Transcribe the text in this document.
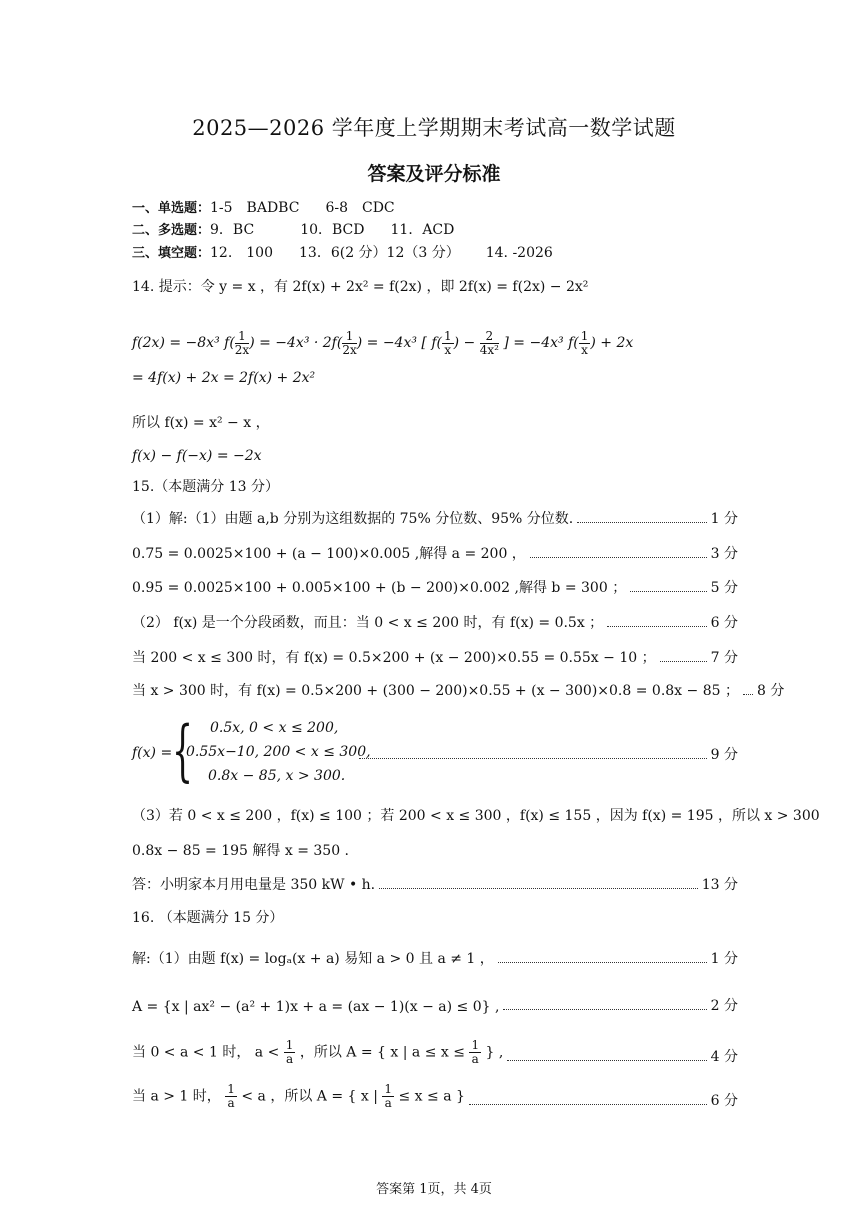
2025—2026 学年度上学期期末考试高一数学试题
答案及评分标准
一、单选题：1-5　BADBC 6-8　CDC
二、多选题：9．BC	10．BCD 11．ACD
三、填空题：12.　100 13．6(2 分）12（3 分） 14. -2026
14. 提示：令 y = x ，有 2f(x) + 2x² = f(2x) ，即 2f(x) = f(2x) − 2x²
f(2x) = −8x³ $f( \frac{1}{2x}$ ) = $-4x^3 \cdot 2f( \frac{1}{2x}$ ) = −4x³ [ $f( \frac{1}{x}$ ) − $\frac{2}{\text{4x²}}$ ] = −4x³ $f( \frac{1}{x}$ ) + 2x
= 4f(x) + 2x = 2f(x) + 2x²
所以 f(x) = x² − x ，
f(x) − f(−x) = −2x
15.（本题满分 13 分）
（1）解:（1）由题 a,b 分别为这组数据的 75% 分位数、95% 分位数.	1 分
0.75 = 0.0025×100 + (a − 100)×0.005 ,解得 a = 200 ，	3 分
0.95 = 0.0025×100 + 0.005×100 + (b − 200)×0.002 ,解得 b = 300 ；	5 分
（2） f(x) 是一个分段函数，而且：当 0 < x ≤ 200 时，有 f(x) = 0.5x ；	6 分
当 200 < x ≤ 300 时，有 f(x) = 0.5×200 + (x − 200)×0.55 = 0.55x − 10 ；	7 分
当 x > 300 时，有 f(x) = 0.5×200 + (300 − 200)×0.55 + (x − 300)×0.8 = 0.8x − 85 ； 8 分
f(x) = { 0.5x, 0 < x ≤ 200,
0.55x−10, 200 < x ≤ 300,
0.8x − 85, x > 300.
9 分
（3）若 0 < x ≤ 200 ，f(x) ≤ 100 ；若 200 < x ≤ 300 ，f(x) ≤ 155 ，因为 f(x) = 195 ，所以 x > 300
0.8x − 85 = 195 解得 x = 350 .
答：小明家本月用电量是 350 kW • h.	13 分
16. （本题满分 15 分）
解:（1）由题 f(x) = logₐ(x + a) 易知 a > 0 且 a ≠ 1 ，	1 分
A = {x | ax² − (a² + 1)x + a = (ax − 1)(x − a) ≤ 0} ,	2 分
当 0 < a < 1 时， $a < \frac{1}{a}$ ，所以 A = { x | $a \le x \le \frac{1}{a}$ } ,	4 分
当 a > 1 时， $\frac{1}{a} < a$ ，所以 A = { x | $\frac{1}{a} \le x \le a$ }	6 分
答案第 1页，共 4页
